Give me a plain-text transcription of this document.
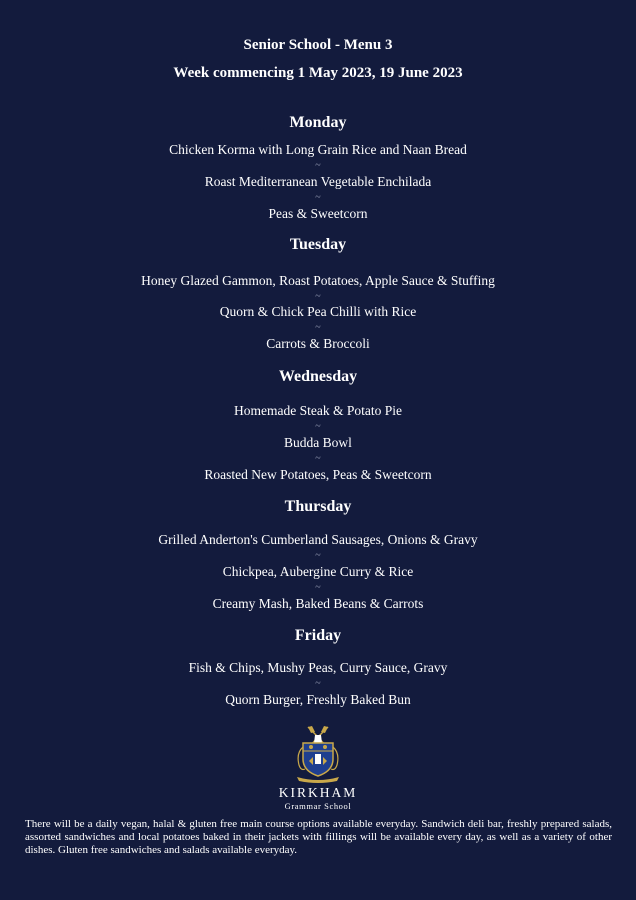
Senior School - Menu 3
Week commencing 1 May 2023, 19 June 2023
Monday
Chicken Korma with Long Grain Rice and Naan Bread
~
Roast Mediterranean Vegetable Enchilada
~
Peas & Sweetcorn
Tuesday
Honey Glazed Gammon, Roast Potatoes, Apple Sauce & Stuffing
~
Quorn & Chick Pea Chilli with Rice
~
Carrots & Broccoli
Wednesday
Homemade Steak & Potato Pie
~
Budda Bowl
~
Roasted New Potatoes, Peas & Sweetcorn
Thursday
Grilled Anderton's Cumberland Sausages, Onions & Gravy
~
Chickpea, Aubergine Curry & Rice
~
Creamy Mash, Baked Beans & Carrots
Friday
Fish & Chips, Mushy Peas, Curry Sauce, Gravy
~
Quorn Burger, Freshly Baked Bun
KIRKHAM
Grammar School
There will be a daily vegan, halal & gluten free main course options available everyday. Sandwich deli bar, freshly prepared salads, assorted sandwiches and local potatoes baked in their jackets with fillings will be available every day, as well as a variety of other dishes. Gluten free sandwiches and salads available everyday.
